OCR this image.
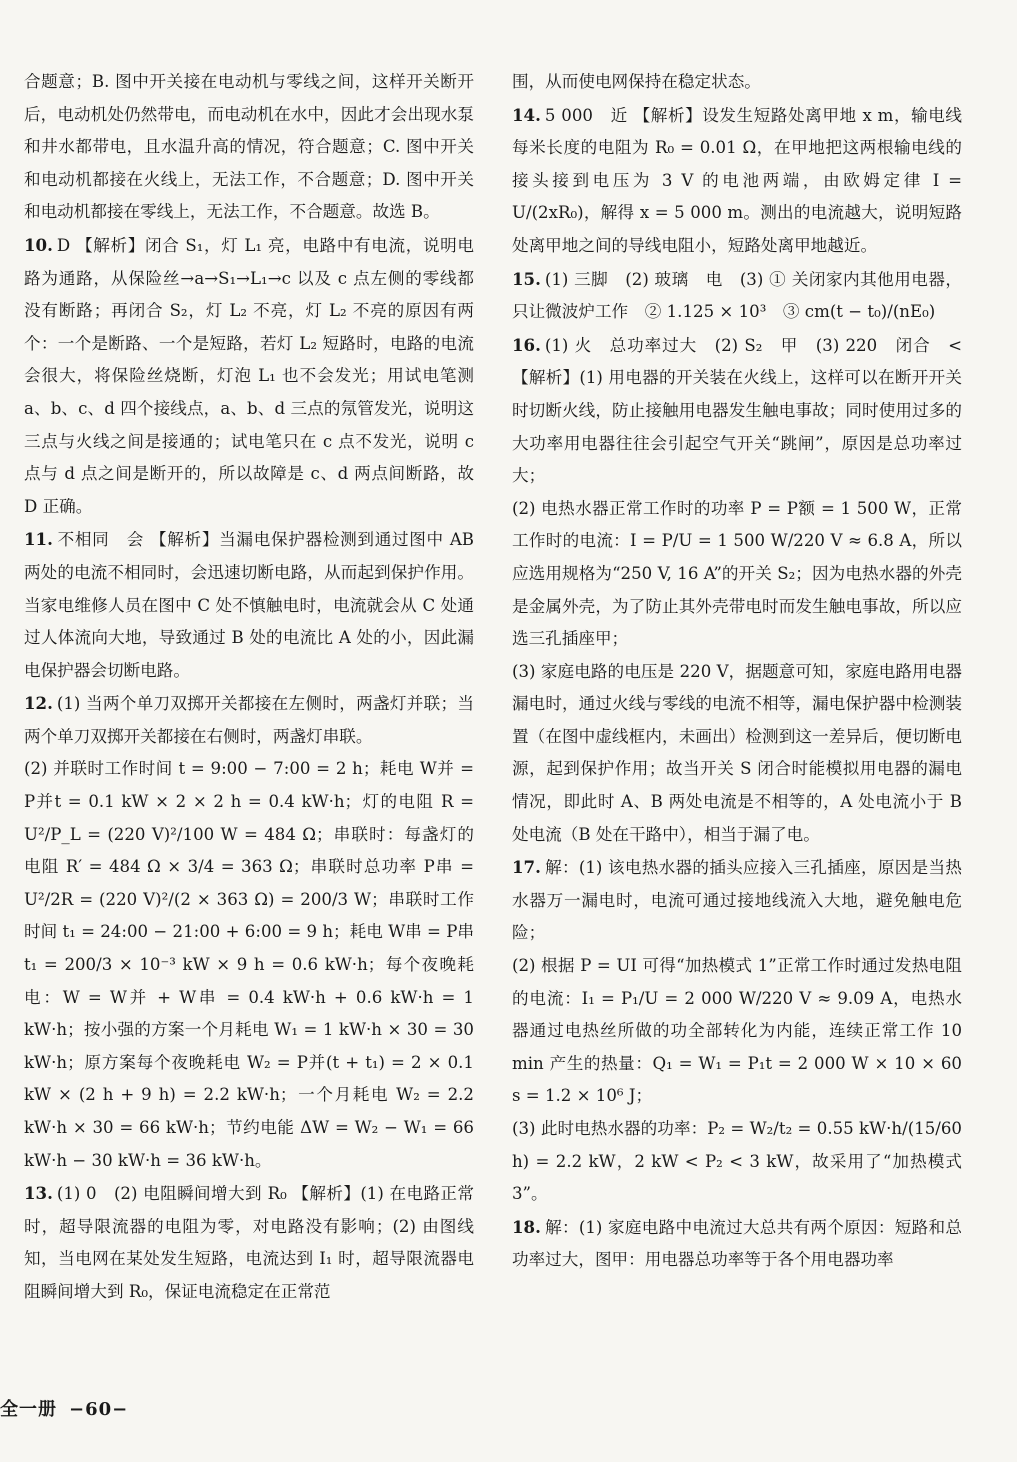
合题意；B. 图中开关接在电动机与零线之间，这样开关断开后，电动机处仍然带电，而电动机在水中，因此才会出现水泵和井水都带电，且水温升高的情况，符合题意；C. 图中开关和电动机都接在火线上，无法工作，不合题意；D. 图中开关和电动机都接在零线上，无法工作，不合题意。故选 B。

10. D 【解析】闭合 S₁，灯 L₁ 亮，电路中有电流，说明电路为通路，从保险丝→a→S₁→L₁→c 以及 c 点左侧的零线都没有断路；再闭合 S₂，灯 L₂ 不亮，灯 L₂ 不亮的原因有两个：一个是断路、一个是短路，若灯 L₂ 短路时，电路的电流会很大，将保险丝烧断，灯泡 L₁ 也不会发光；用试电笔测 a、b、c、d 四个接线点，a、b、d 三点的氖管发光，说明这三点与火线之间是接通的；试电笔只在 c 点不发光，说明 c 点与 d 点之间是断开的，所以故障是 c、d 两点间断路，故 D 正确。

11. 不相同　会 【解析】当漏电保护器检测到通过图中 AB 两处的电流不相同时，会迅速切断电路，从而起到保护作用。当家电维修人员在图中 C 处不慎触电时，电流就会从 C 处通过人体流向大地，导致通过 B 处的电流比 A 处的小，因此漏电保护器会切断电路。

12. (1) 当两个单刀双掷开关都接在左侧时，两盏灯并联；当两个单刀双掷开关都接在右侧时，两盏灯串联。

(2) 并联时工作时间 t = 9:00 − 7:00 = 2 h；耗电 W并 = P并t = 0.1 kW × 2 × 2 h = 0.4 kW·h；灯的电阻 R = U²/P_L = (220 V)²/100 W = 484 Ω；串联时：每盏灯的电阻 R′ = 484 Ω × 3/4 = 363 Ω；串联时总功率 P串 = U²/2R = (220 V)²/(2 × 363 Ω) = 200/3 W；串联时工作时间 t₁ = 24:00 − 21:00 + 6:00 = 9 h；耗电 W串 = P串t₁ = 200/3 × 10⁻³ kW × 9 h = 0.6 kW·h；每个夜晚耗电：W = W并 + W串 = 0.4 kW·h + 0.6 kW·h = 1 kW·h；按小强的方案一个月耗电 W₁ = 1 kW·h × 30 = 30 kW·h；原方案每个夜晚耗电 W₂ = P并(t + t₁) = 2 × 0.1 kW × (2 h + 9 h) = 2.2 kW·h；一个月耗电 W₂ = 2.2 kW·h × 30 = 66 kW·h；节约电能 ΔW = W₂ − W₁ = 66 kW·h − 30 kW·h = 36 kW·h。

13. (1) 0　(2) 电阻瞬间增大到 R₀ 【解析】(1) 在电路正常时，超导限流器的电阻为零，对电路没有影响；(2) 由图线知，当电网在某处发生短路，电流达到 I₁ 时，超导限流器电阻瞬间增大到 R₀，保证电流稳定在正常范

围，从而使电网保持在稳定状态。

14. 5 000　近 【解析】设发生短路处离甲地 x m，输电线每米长度的电阻为 R₀ = 0.01 Ω，在甲地把这两根输电线的接头接到电压为 3 V 的电池两端，由欧姆定律 I = U/(2xR₀)，解得 x = 5 000 m。测出的电流越大，说明短路处离甲地之间的导线电阻小，短路处离甲地越近。

15. (1) 三脚　(2) 玻璃　电　(3) ① 关闭家内其他用电器，只让微波炉工作　② 1.125 × 10³　③ cm(t − t₀)/(nE₀)

16. (1) 火　总功率过大　(2) S₂　甲　(3) 220　闭合　<　【解析】(1) 用电器的开关装在火线上，这样可以在断开开关时切断火线，防止接触用电器发生触电事故；同时使用过多的大功率用电器往往会引起空气开关“跳闸”，原因是总功率过大；

(2) 电热水器正常工作时的功率 P = P额 = 1 500 W，正常工作时的电流：I = P/U = 1 500 W/220 V ≈ 6.8 A，所以应选用规格为“250 V, 16 A”的开关 S₂；因为电热水器的外壳是金属外壳，为了防止其外壳带电时而发生触电事故，所以应选三孔插座甲；

(3) 家庭电路的电压是 220 V，据题意可知，家庭电路用电器漏电时，通过火线与零线的电流不相等，漏电保护器中检测装置（在图中虚线框内，未画出）检测到这一差异后，便切断电源，起到保护作用；故当开关 S 闭合时能模拟用电器的漏电情况，即此时 A、B 两处电流是不相等的，A 处电流小于 B 处电流（B 处在干路中），相当于漏了电。

17. 解：(1) 该电热水器的插头应接入三孔插座，原因是当热水器万一漏电时，电流可通过接地线流入大地，避免触电危险；

(2) 根据 P = UI 可得“加热模式 1”正常工作时通过发热电阻的电流：I₁ = P₁/U = 2 000 W/220 V ≈ 9.09 A，电热水器通过电热丝所做的功全部转化为内能，连续正常工作 10 min 产生的热量：Q₁ = W₁ = P₁t = 2 000 W × 10 × 60 s = 1.2 × 10⁶ J；

(3) 此时电热水器的功率：P₂ = W₂/t₂ = 0.55 kW·h/(15/60 h) = 2.2 kW，2 kW < P₂ < 3 kW，故采用了“加热模式 3”。

18. 解：(1) 家庭电路中电流过大总共有两个原因：短路和总功率过大，图甲：用电器总功率等于各个用电器功率

全一册 −60−
